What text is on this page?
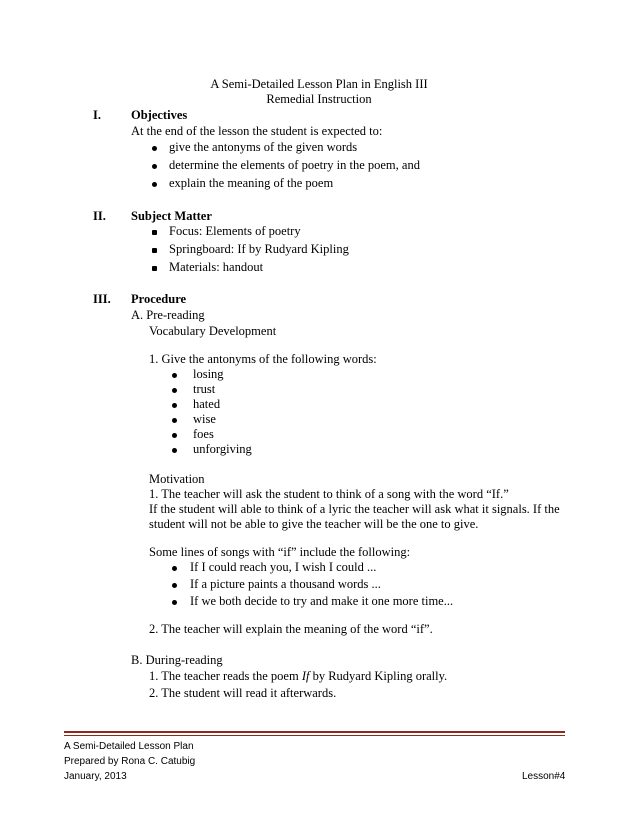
A Semi-Detailed Lesson Plan in English III
Remedial Instruction
I. Objectives
At the end of the lesson the student is expected to:
give the antonyms of the given words
determine the elements of poetry in the poem, and
explain the meaning of the poem
II. Subject Matter
Focus: Elements of poetry
Springboard: If by Rudyard Kipling
Materials: handout
III. Procedure
A. Pre-reading
Vocabulary Development
1. Give the antonyms of the following words:
losing
trust
hated
wise
foes
unforgiving
Motivation
1. The teacher will ask the student to think of a song with the word “If.”
If the student will able to think of a lyric the teacher will ask what it signals. If the
student will not be able to give the teacher will be the one to give.
Some lines of songs with “if” include the following:
If I could reach you, I wish I could ...
If a picture paints a thousand words ...
If we both decide to try and make it one more time...
2. The teacher will explain the meaning of the word “if”.
B. During-reading
1. The teacher reads the poem If by Rudyard Kipling orally.
2. The student will read it afterwards.
A Semi-Detailed Lesson Plan
Prepared by Rona C. Catubig
January, 2013	Lesson#4
